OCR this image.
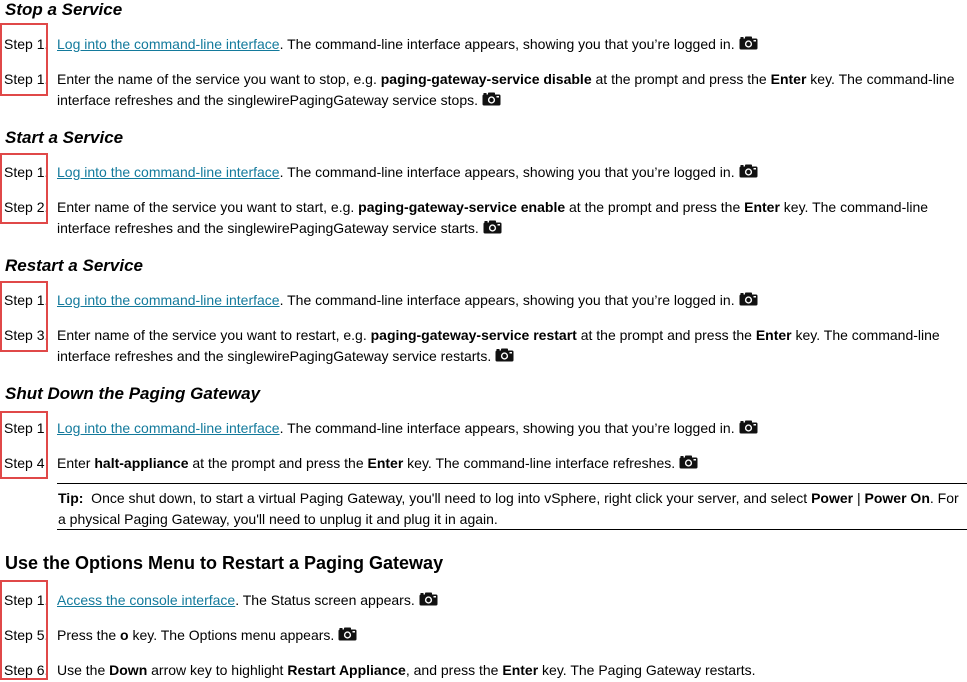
Stop a Service
Step 1. Log into the command-line interface. The command-line interface appears, showing you that you’re logged in.
Step 1. Enter the name of the service you want to stop, e.g. paging-gateway-service disable at the prompt and press the Enter key. The command-line interface refreshes and the singlewirePagingGateway service stops.
Start a Service
Step 1. Log into the command-line interface. The command-line interface appears, showing you that you’re logged in.
Step 2. Enter name of the service you want to start, e.g. paging-gateway-service enable at the prompt and press the Enter key. The command-line interface refreshes and the singlewirePagingGateway service starts.
Restart a Service
Step 1. Log into the command-line interface. The command-line interface appears, showing you that you’re logged in.
Step 3. Enter name of the service you want to restart, e.g. paging-gateway-service restart at the prompt and press the Enter key. The command-line interface refreshes and the singlewirePagingGateway service restarts.
Shut Down the Paging Gateway
Step 1 Log into the command-line interface. The command-line interface appears, showing you that you’re logged in.
Step 4 Enter halt-appliance at the prompt and press the Enter key. The command-line interface refreshes.
Tip:  Once shut down, to start a virtual Paging Gateway, you'll need to log into vSphere, right click your server, and select Power | Power On. For a physical Paging Gateway, you'll need to unplug it and plug it in again.
Use the Options Menu to Restart a Paging Gateway
Step 1. Access the console interface. The Status screen appears.
Step 5. Press the o key. The Options menu appears.
Step 6. Use the Down arrow key to highlight Restart Appliance, and press the Enter key. The Paging Gateway restarts.
